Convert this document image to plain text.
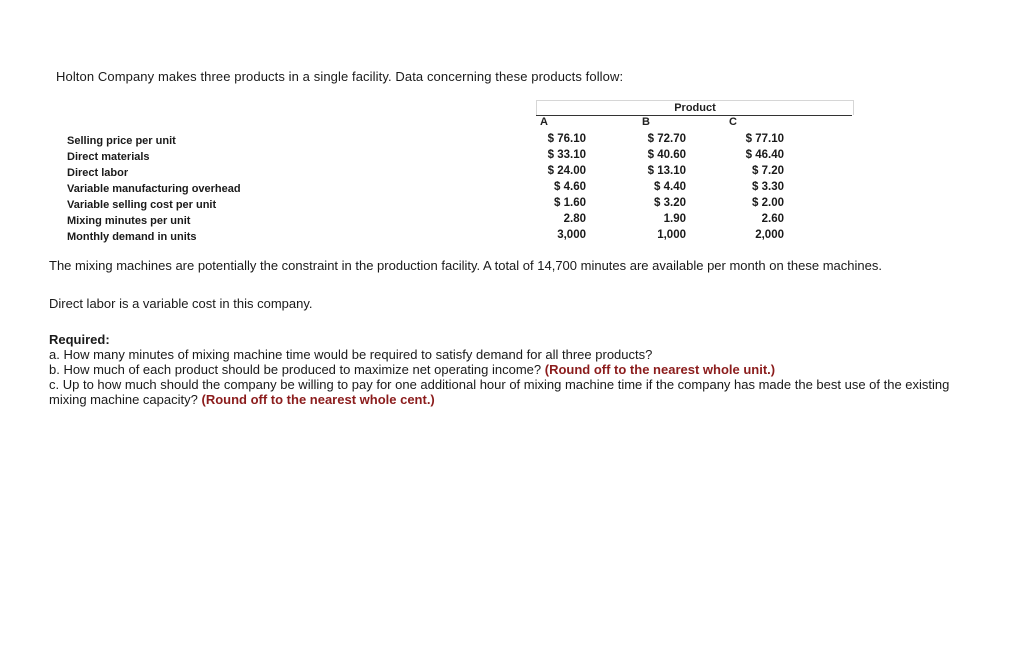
Holton Company makes three products in a single facility. Data concerning these products follow:
Product
A	B	C
Selling price per unit	$ 76.10	$ 72.70	$ 77.10
Direct materials	$ 33.10	$ 40.60	$ 46.40
Direct labor	$ 24.00	$ 13.10	$ 7.20
Variable manufacturing overhead	$ 4.60	$ 4.40	$ 3.30
Variable selling cost per unit	$ 1.60	$ 3.20	$ 2.00
Mixing minutes per unit	2.80	1.90	2.60
Monthly demand in units	3,000	1,000	2,000
The mixing machines are potentially the constraint in the production facility. A total of 14,700 minutes are available per month on these machines.
Direct labor is a variable cost in this company.
Required:
a. How many minutes of mixing machine time would be required to satisfy demand for all three products?
b. How much of each product should be produced to maximize net operating income? (Round off to the nearest whole unit.)
c. Up to how much should the company be willing to pay for one additional hour of mixing machine time if the company has made the best use of the existing mixing machine capacity? (Round off to the nearest whole cent.)
